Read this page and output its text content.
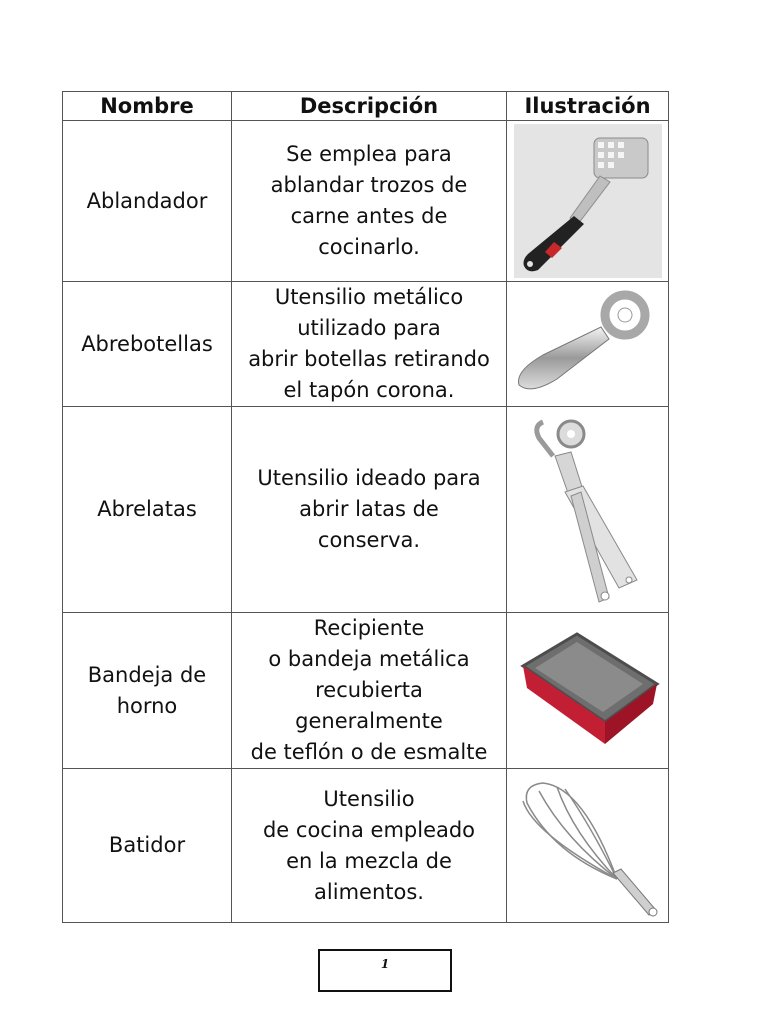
Nombre	Descripción	Ilustración
Ablandador	Se emplea para
ablandar trozos de
carne antes de
cocinarlo.

Abrebotellas	Utensilio metálico
utilizado para
abrir botellas retirando
el tapón corona.

Abrelatas	Utensilio ideado para
abrir latas de
conserva.

Bandeja de
horno	Recipiente
o bandeja metálica
recubierta
generalmente
de teflón o de esmalte

Batidor	Utensilio
de cocina empleado
en la mezcla de
alimentos.

1
